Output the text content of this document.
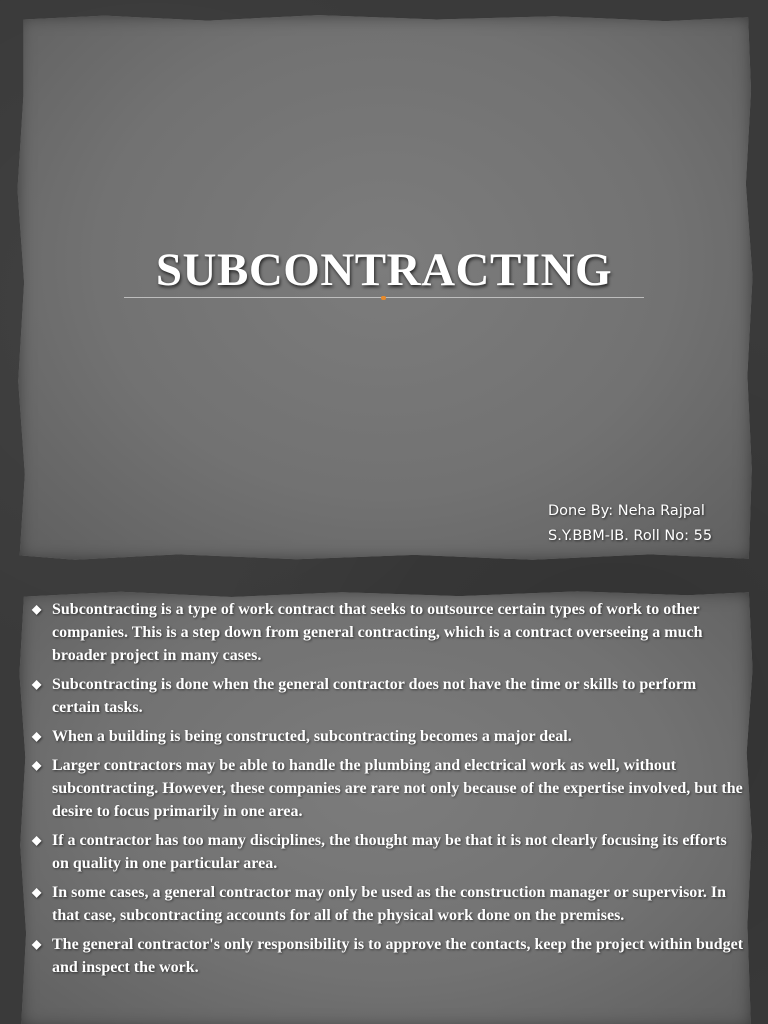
SUBCONTRACTING
Done By: Neha Rajpal
S.Y.BBM-IB. Roll No: 55
◆ Subcontracting is a type of work contract that seeks to outsource certain types of work to other companies. This is a step down from general contracting, which is a contract overseeing a much broader project in many cases.
◆ Subcontracting is done when the general contractor does not have the time or skills to perform certain tasks.
◆ When a building is being constructed, subcontracting becomes a major deal.
◆ Larger contractors may be able to handle the plumbing and electrical work as well, without subcontracting. However, these companies are rare not only because of the expertise involved, but the desire to focus primarily in one area.
◆ If a contractor has too many disciplines, the thought may be that it is not clearly focusing its efforts on quality in one particular area.
◆ In some cases, a general contractor may only be used as the construction manager or supervisor. In that case, subcontracting accounts for all of the physical work done on the premises.
◆ The general contractor's only responsibility is to approve the contacts, keep the project within budget and inspect the work.
